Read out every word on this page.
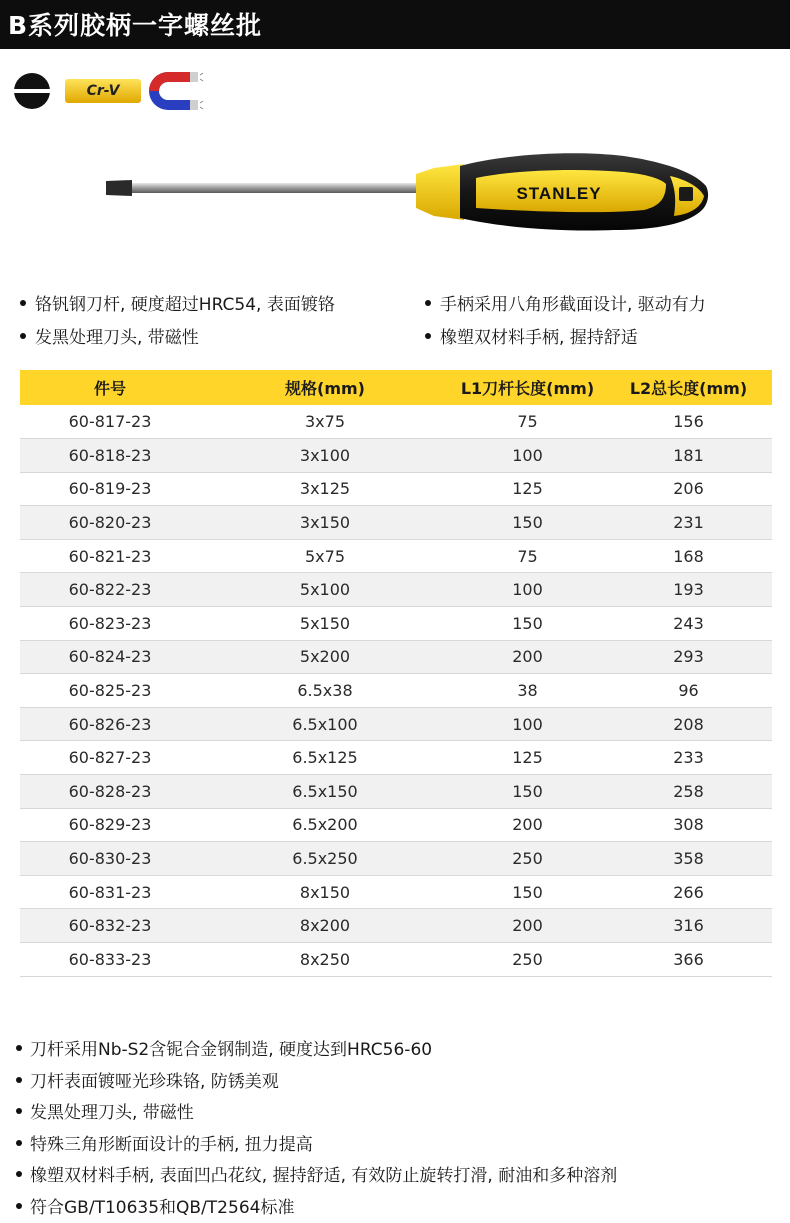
B系列胶柄一字螺丝批
Cr-V
STANLEY
铬钒钢刀杆, 硬度超过HRC54, 表面镀铬	手柄采用八角形截面设计, 驱动有力
发黑处理刀头, 带磁性	橡塑双材料手柄, 握持舒适
件号	规格(mm)	L1刀杆长度(mm)	L2总长度(mm)
60-817-23	3x75	75	156
60-818-23	3x100	100	181
60-819-23	3x125	125	206
60-820-23	3x150	150	231
60-821-23	5x75	75	168
60-822-23	5x100	100	193
60-823-23	5x150	150	243
60-824-23	5x200	200	293
60-825-23	6.5x38	38	96
60-826-23	6.5x100	100	208
60-827-23	6.5x125	125	233
60-828-23	6.5x150	150	258
60-829-23	6.5x200	200	308
60-830-23	6.5x250	250	358
60-831-23	8x150	150	266
60-832-23	8x200	200	316
60-833-23	8x250	250	366
刀杆采用Nb-S2含铌合金钢制造, 硬度达到HRC56-60
刀杆表面镀哑光珍珠铬, 防锈美观
发黑处理刀头, 带磁性
特殊三角形断面设计的手柄, 扭力提高
橡塑双材料手柄, 表面凹凸花纹, 握持舒适, 有效防止旋转打滑, 耐油和多种溶剂
符合GB/T10635和QB/T2564标准
